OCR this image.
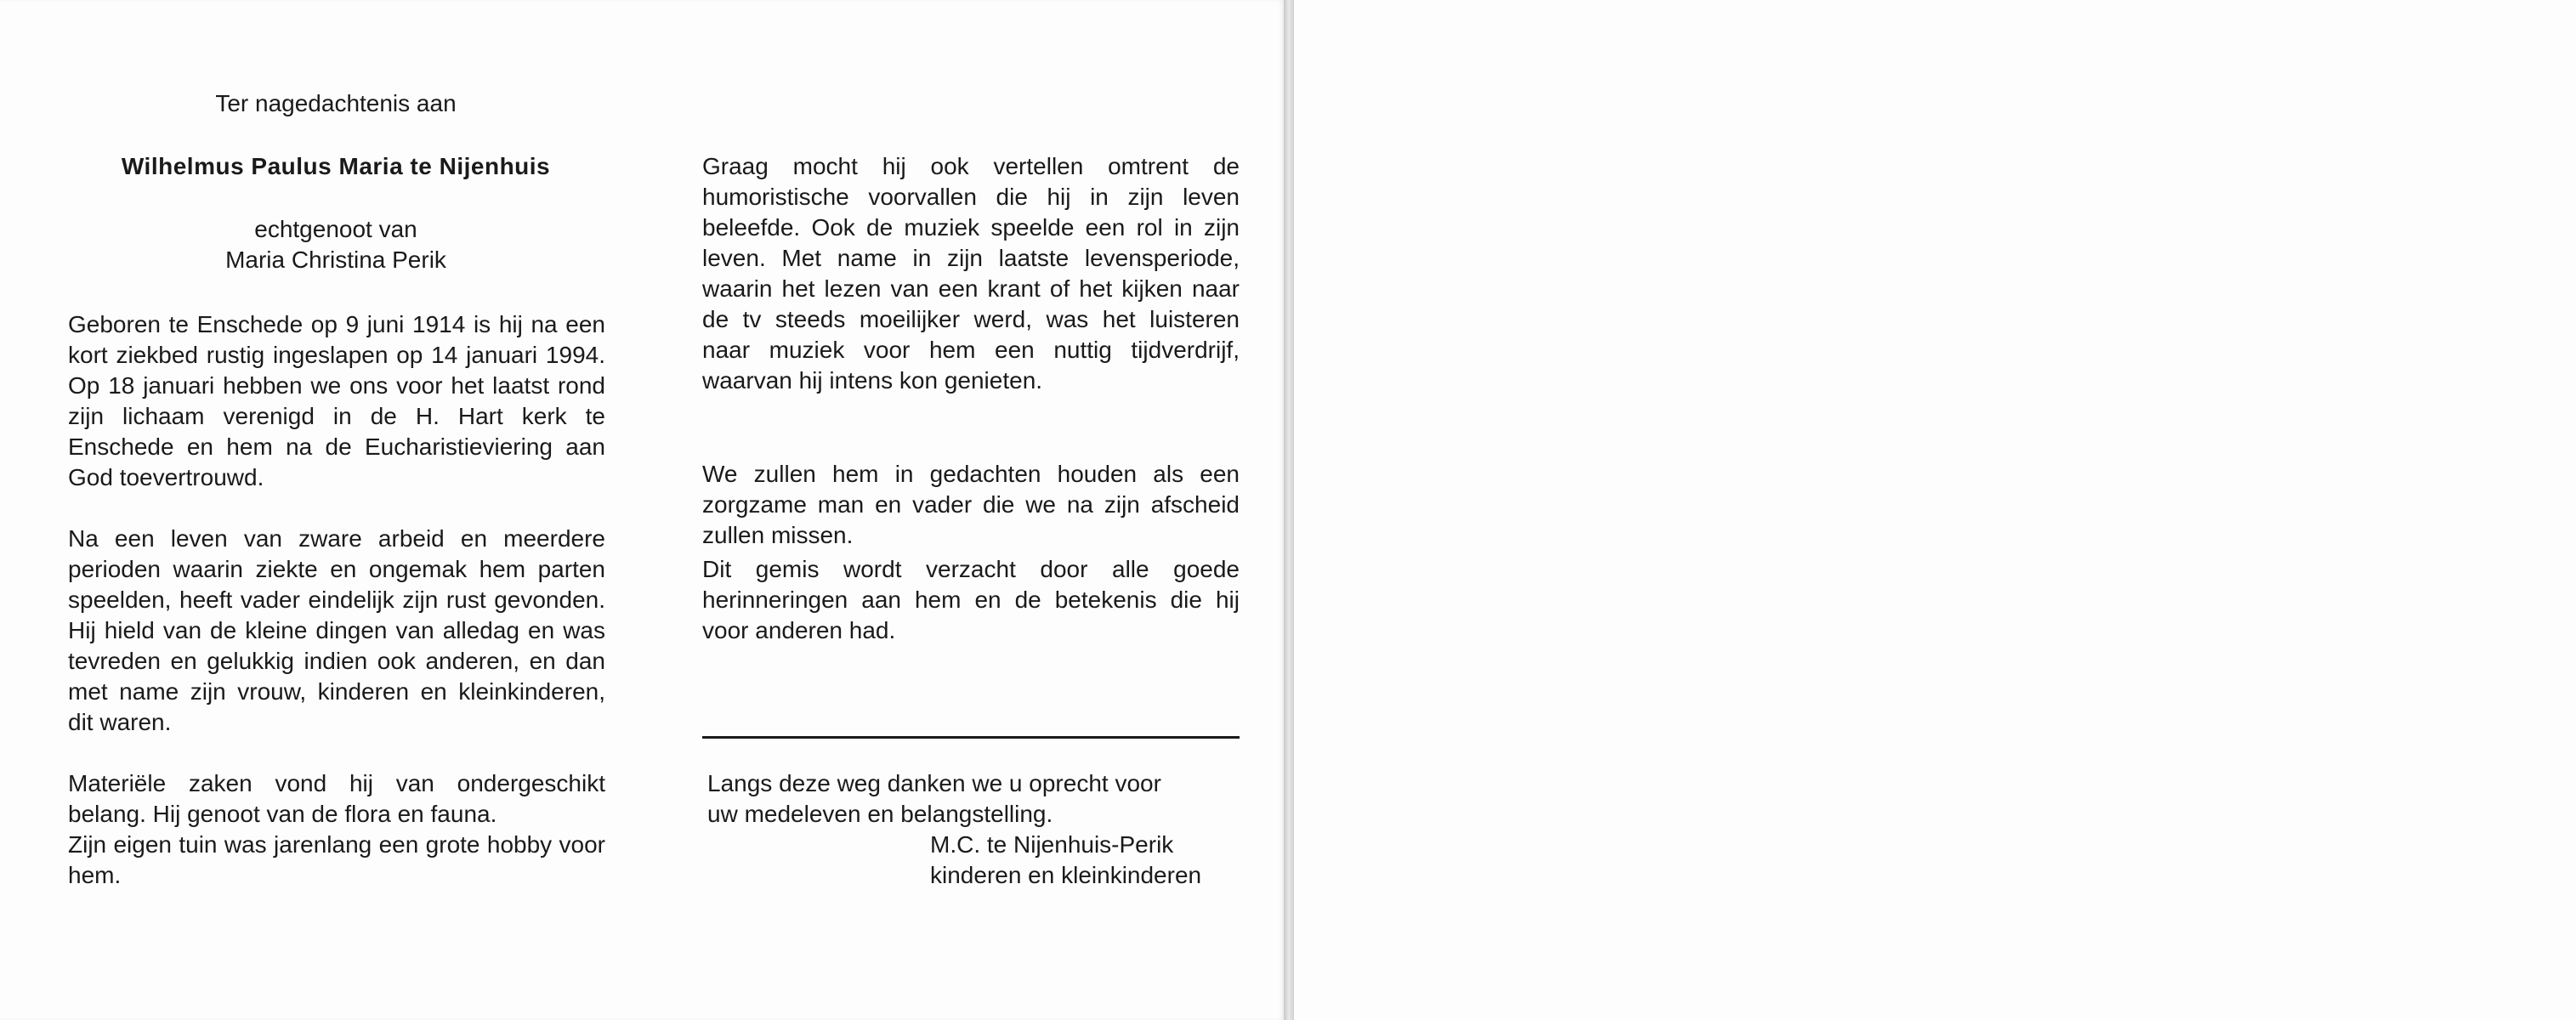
Ter nagedachtenis aan

Wilhelmus Paulus Maria te Nijenhuis

echtgenoot van

Maria Christina Perik

Geboren te Enschede op 9 juni 1914 is hij na een kort ziekbed rustig ingeslapen op 14 januari 1994. Op 18 januari hebben we ons voor het laatst rond zijn lichaam verenigd in de H. Hart kerk te Enschede en hem na de Eucharistieviering aan God toevertrouwd.

Na een leven van zware arbeid en meerdere perioden waarin ziekte en ongemak hem parten speelden, heeft vader eindelijk zijn rust gevonden. Hij hield van de kleine dingen van alledag en was tevreden en gelukkig indien ook anderen, en dan met name zijn vrouw, kinderen en kleinkinderen, dit waren.

Materiële zaken vond hij van ondergeschikt belang. Hij genoot van de flora en fauna.

Zijn eigen tuin was jarenlang een grote hobby voor hem.

Graag mocht hij ook vertellen omtrent de humoristische voorvallen die hij in zijn leven beleefde. Ook de muziek speelde een rol in zijn leven. Met name in zijn laatste levensperiode, waarin het lezen van een krant of het kijken naar de tv steeds moeilijker werd, was het luisteren naar muziek voor hem een nuttig tijdverdrijf, waarvan hij intens kon genieten.

We zullen hem in gedachten houden als een zorgzame man en vader die we na zijn afscheid zullen missen.

Dit gemis wordt verzacht door alle goede herinneringen aan hem en de betekenis die hij voor anderen had.

Langs deze weg danken we u oprecht voor
uw medeleven en belangstelling.

M.C. te Nijenhuis-Perik
kinderen en kleinkinderen
